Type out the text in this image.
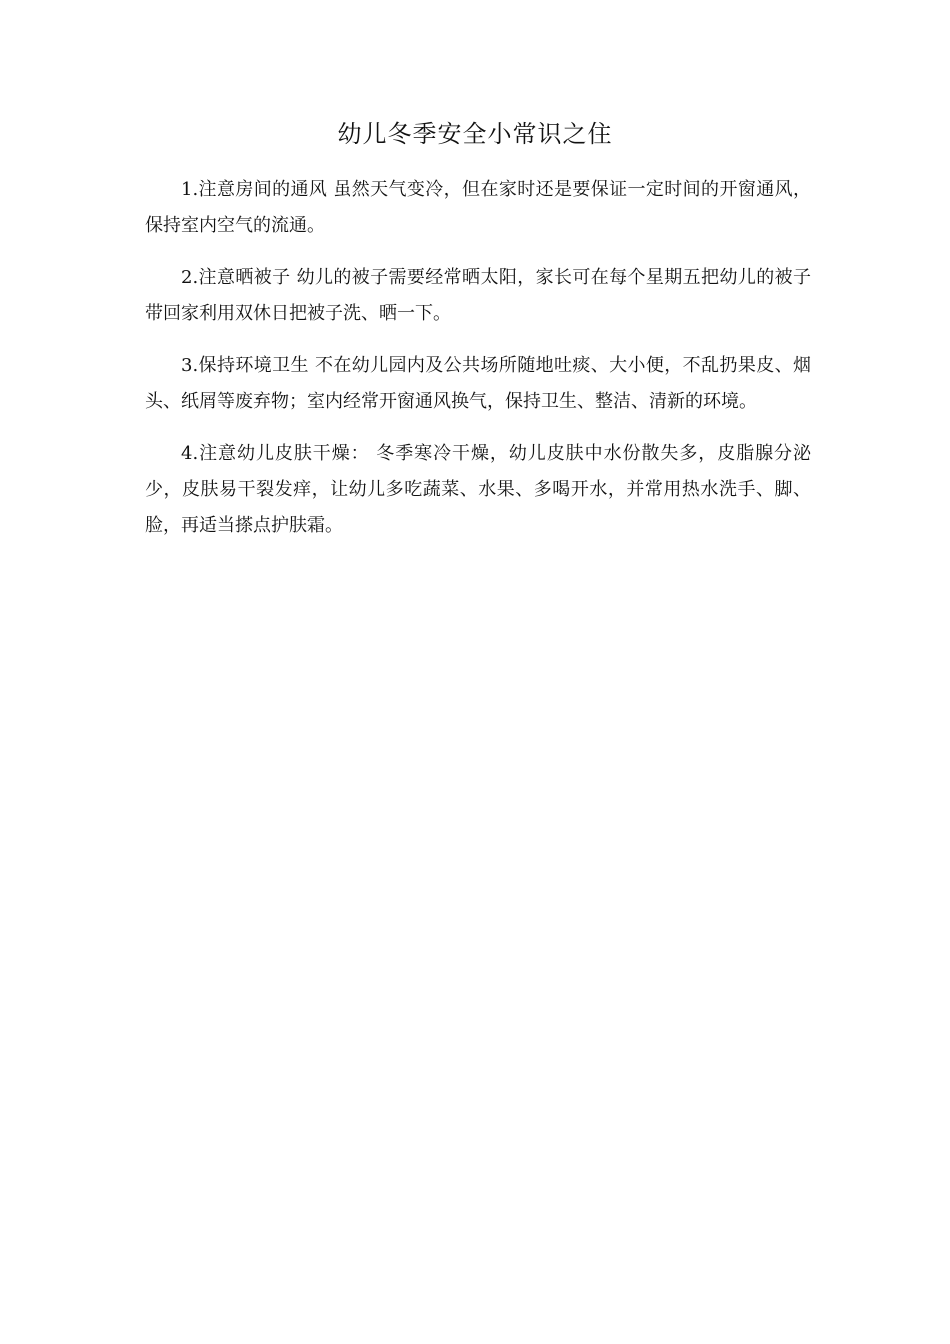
幼儿冬季安全小常识之住

1.注意房间的通风 虽然天气变冷，但在家时还是要保证一定时间的开窗通风，保持室内空气的流通。

2.注意晒被子 幼儿的被子需要经常晒太阳，家长可在每个星期五把幼儿的被子带回家利用双休日把被子洗、晒一下。

3.保持环境卫生 不在幼儿园内及公共场所随地吐痰、大小便，不乱扔果皮、烟头、纸屑等废弃物；室内经常开窗通风换气，保持卫生、整洁、清新的环境。

4.注意幼儿皮肤干燥： 冬季寒冷干燥，幼儿皮肤中水份散失多，皮脂腺分泌少，皮肤易干裂发痒，让幼儿多吃蔬菜、水果、多喝开水，并常用热水洗手、脚、脸，再适当搽点护肤霜。
